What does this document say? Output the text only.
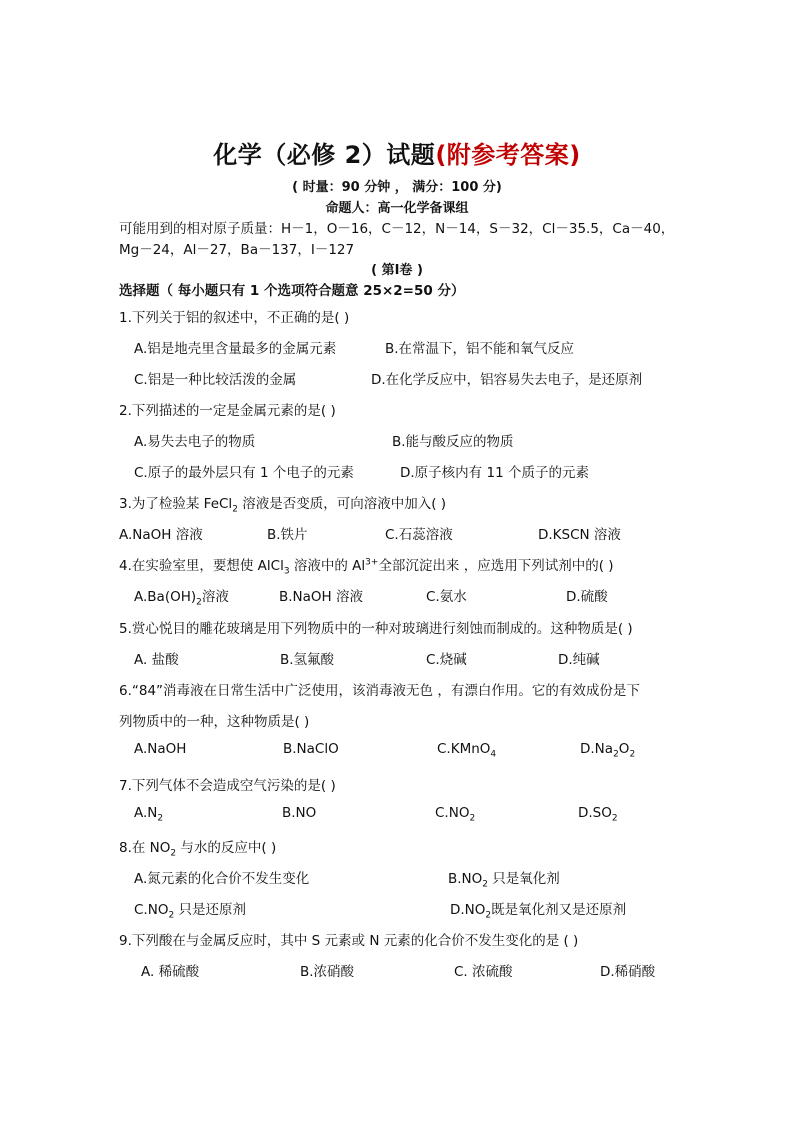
化学（必修 2）试题(附参考答案)
( 时量：90 分钟 ， 满分：100 分)
命题人：高一化学备课组
可能用到的相对原子质量：H－1，O－16，C－12，N－14，S－32，Cl－35.5，Ca－40，
Mg－24，Al－27，Ba－137，I－127
( 第Ⅰ卷 )
选择题（ 每小题只有 1 个选项符合题意 25×2=50 分）
1.下列关于铝的叙述中，不正确的是( )
A.铝是地壳里含量最多的金属元素	B.在常温下，铝不能和氧气反应
C.铝是一种比较活泼的金属	D.在化学反应中，铝容易失去电子，是还原剂
2.下列描述的一定是金属元素的是( )
A.易失去电子的物质	B.能与酸反应的物质
C.原子的最外层只有 1 个电子的元素	D.原子核内有 11 个质子的元素
3.为了检验某 FeCl$_2$ 溶液是否变质，可向溶液中加入( )
A.NaOH 溶液	B.铁片	C.石蕊溶液	D.KSCN 溶液
4.在实验室里，要想使 AlCl$_3$ 溶液中的 $Al^{3+}$全部沉淀出来 ，应选用下列试剂中的( )
$A.Ba(OH)_2$溶液	B.NaOH 溶液	C.氨水	D.硫酸
5.赏心悦目的雕花玻璃是用下列物质中的一种对玻璃进行刻蚀而制成的。这种物质是( )
A. 盐酸	B.氢氟酸	C.烧碱	D.纯碱
6.“84”消毒液在日常生活中广泛使用，该消毒液无色 ，有漂白作用。它的有效成份是下
列物质中的一种，这种物质是( )
A.NaOH	B.NaClO	C.KMnO$_4$	$D.Na_2O_2$
7.下列气体不会造成空气污染的是( )
$A.N_2$	B.NO	$C.NO_2$	$D.SO_2$
8.在 $NO_2$ 与水的反应中( )
A.氮元素的化合价不发生变化	$B.NO_2$ 只是氧化剂
$C.NO_2$ 只是还原剂	$D.NO_2$既是氧化剂又是还原剂
9.下列酸在与金属反应时，其中 S 元素或 N 元素的化合价不发生变化的是 ( )
A. 稀硫酸	B.浓硝酸	C. 浓硫酸	D.稀硝酸
